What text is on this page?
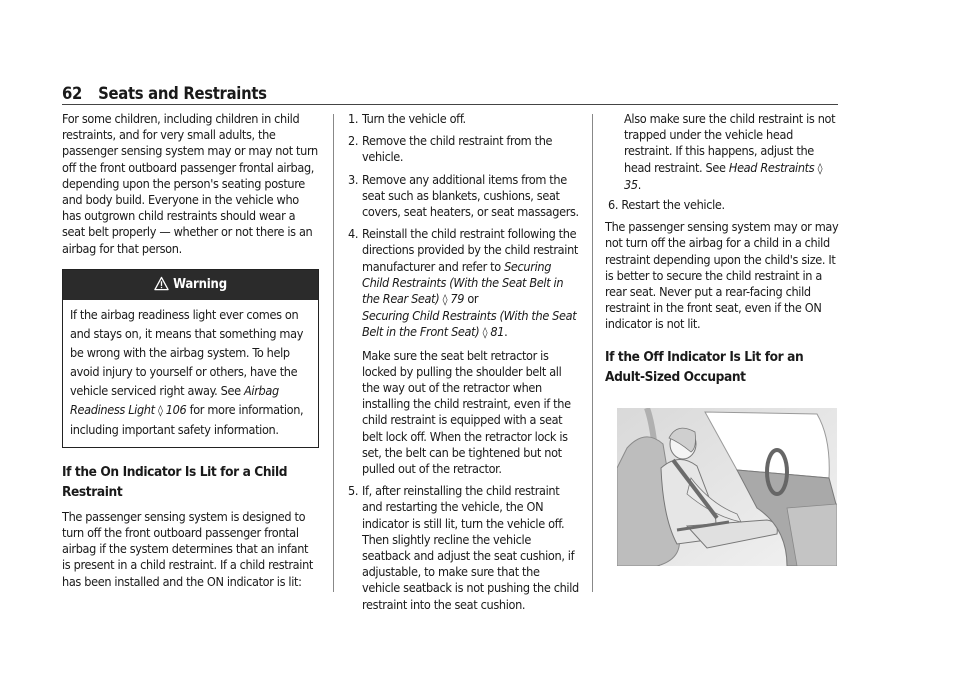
62 Seats and Restraints

For some children, including children in child restraints, and for very small adults, the passenger sensing system may or may not turn off the front outboard passenger frontal airbag, depending upon the person's seating posture and body build. Everyone in the vehicle who has outgrown child restraints should wear a seat belt properly — whether or not there is an airbag for that person.

Warning
If the airbag readiness light ever comes on and stays on, it means that something may be wrong with the airbag system. To help avoid injury to yourself or others, have the vehicle serviced right away. See Airbag Readiness Light ◊ 106 for more information, including important safety information.
If the On Indicator Is Lit for a Child Restraint

The passenger sensing system is designed to turn off the front outboard passenger frontal airbag if the system determines that an infant is present in a child restraint. If a child restraint has been installed and the ON indicator is lit:

1. Turn the vehicle off.
2. Remove the child restraint from the vehicle.
3. Remove any additional items from the seat such as blankets, cushions, seat covers, seat heaters, or seat massagers.
4. Reinstall the child restraint following the directions provided by the child restraint manufacturer and refer to Securing Child Restraints (With the Seat Belt in the Rear Seat) ◊ 79 or
Securing Child Restraints (With the Seat Belt in the Front Seat) ◊ 81.

Make sure the seat belt retractor is locked by pulling the shoulder belt all the way out of the retractor when installing the child restraint, even if the child restraint is equipped with a seat belt lock off. When the retractor lock is set, the belt can be tightened but not pulled out of the retractor.

5. If, after reinstalling the child restraint and restarting the vehicle, the ON indicator is still lit, turn the vehicle off. Then slightly recline the vehicle seatback and adjust the seat cushion, if adjustable, to make sure that the vehicle seatback is not pushing the child restraint into the seat cushion.

Also make sure the child restraint is not trapped under the vehicle head restraint. If this happens, adjust the head restraint. See Head Restraints ◊ 35.

6. Restart the vehicle.

The passenger sensing system may or may not turn off the airbag for a child in a child restraint depending upon the child's size. It is better to secure the child restraint in a rear seat. Never put a rear-facing child restraint in the front seat, even if the ON indicator is not lit.

If the Off Indicator Is Lit for an Adult-Sized Occupant
